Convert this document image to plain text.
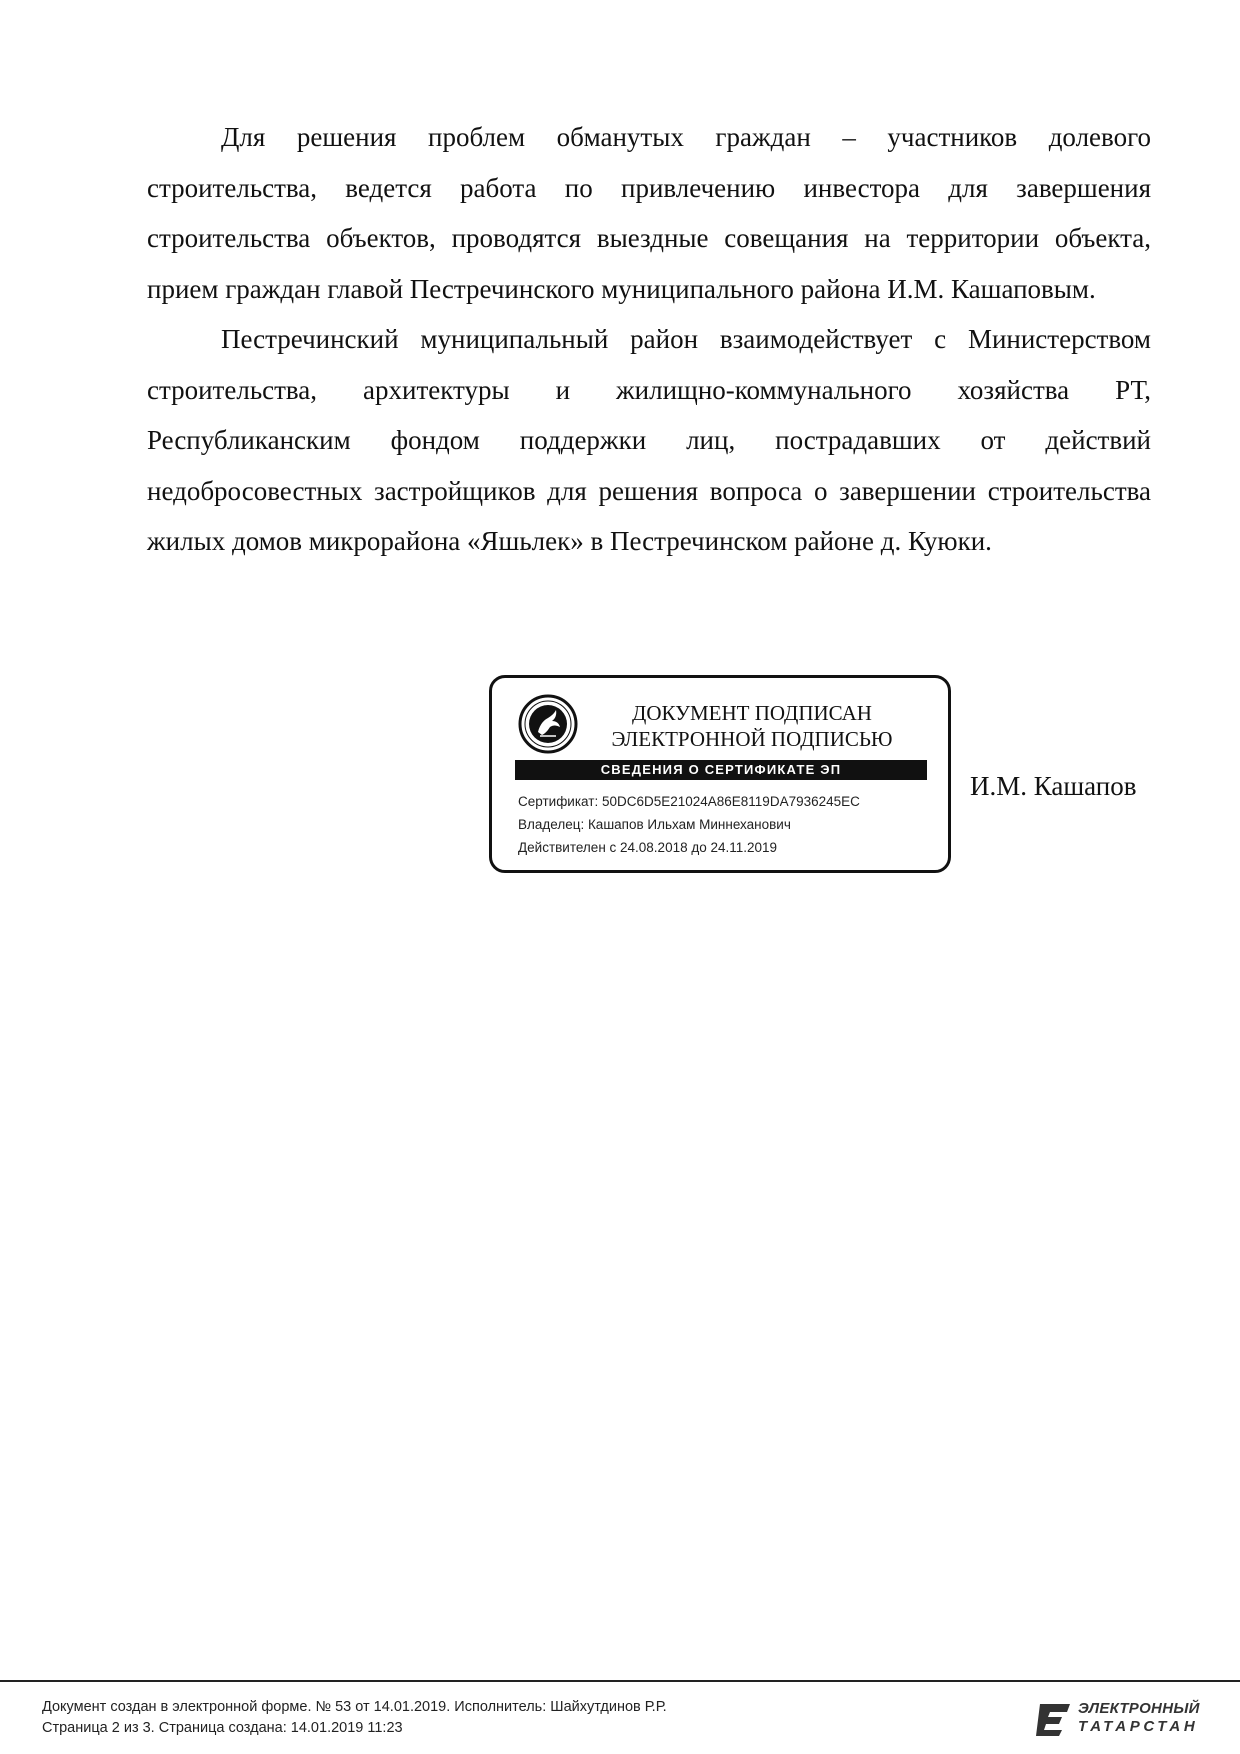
Для решения проблем обманутых граждан – участников долевого строительства, ведется работа по привлечению инвестора для завершения строительства объектов, проводятся выездные совещания на территории объекта, прием граждан главой Пестречинского муниципального района И.М. Кашаповым.

Пестречинский муниципальный район взаимодействует с Министерством строительства, архитектуры и жилищно-коммунального хозяйства РТ, Республиканским фондом поддержки лиц, пострадавших от действий недобросовестных застройщиков для решения вопроса о завершении строительства жилых домов микрорайона «Яшьлек» в Пестречинском районе д. Куюки.

ДОКУМЕНТ ПОДПИСАН
ЭЛЕКТРОННОЙ ПОДПИСЬЮ
СВЕДЕНИЯ О СЕРТИФИКАТЕ ЭП
Сертификат: 50DC6D5E21024A86E8119DA7936245EC
Владелец: Кашапов Ильхам Миннеханович
Действителен с 24.08.2018 до 24.11.2019
И.М. Кашапов
Документ создан в электронной форме. № 53 от 14.01.2019. Исполнитель: Шайхутдинов Р.Р.
Страница 2 из 3. Страница создана: 14.01.2019 11:23
ЭЛЕКТРОННЫЙ
ТАТАРСТАН
